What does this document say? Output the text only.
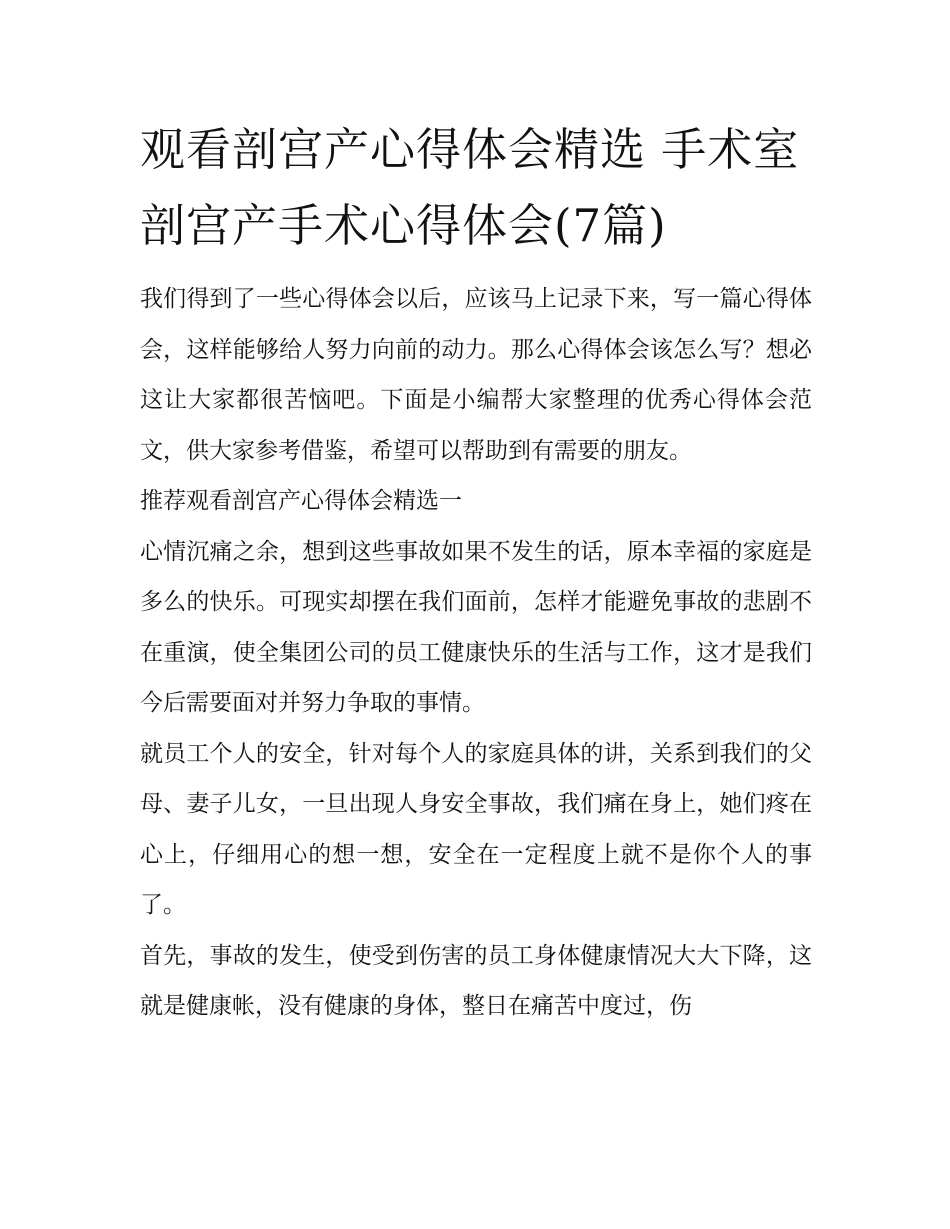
观看剖宫产心得体会精选 手术室剖宫产手术心得体会(7篇)

我们得到了一些心得体会以后，应该马上记录下来，写一篇心得体会，这样能够给人努力向前的动力。那么心得体会该怎么写？想必这让大家都很苦恼吧。下面是小编帮大家整理的优秀心得体会范文，供大家参考借鉴，希望可以帮助到有需要的朋友。

推荐观看剖宫产心得体会精选一

心情沉痛之余，想到这些事故如果不发生的话，原本幸福的家庭是多么的快乐。可现实却摆在我们面前，怎样才能避免事故的悲剧不在重演，使全集团公司的员工健康快乐的生活与工作，这才是我们今后需要面对并努力争取的事情。

就员工个人的安全，针对每个人的家庭具体的讲，关系到我们的父母、妻子儿女，一旦出现人身安全事故，我们痛在身上，她们疼在心上，仔细用心的想一想，安全在一定程度上就不是你个人的事了。

首先，事故的发生，使受到伤害的员工身体健康情况大大下降，这就是健康帐，没有健康的身体，整日在痛苦中度过，伤
